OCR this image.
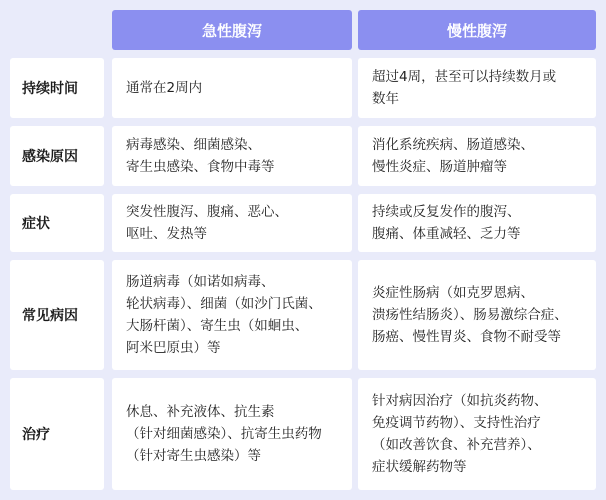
急性腹泻	慢性腹泻
持续时间	通常在2周内
超过4周，甚至可以持续数月或
数年
感染原因
病毒感染、细菌感染、
寄生虫感染、食物中毒等
消化系统疾病、肠道感染、
慢性炎症、肠道肿瘤等
症状
突发性腹泻、腹痛、恶心、
呕吐、发热等
持续或反复发作的腹泻、
腹痛、体重减轻、乏力等
常见病因
肠道病毒（如诺如病毒、
轮状病毒）、细菌（如沙门氏菌、
大肠杆菌）、寄生虫（如蛔虫、
阿米巴原虫）等
炎症性肠病（如克罗恩病、
溃疡性结肠炎）、肠易激综合症、
肠癌、慢性胃炎、食物不耐受等
治疗
休息、补充液体、抗生素
（针对细菌感染）、抗寄生虫药物
（针对寄生虫感染）等
针对病因治疗（如抗炎药物、
免疫调节药物）、支持性治疗
（如改善饮食、补充营养）、
症状缓解药物等
